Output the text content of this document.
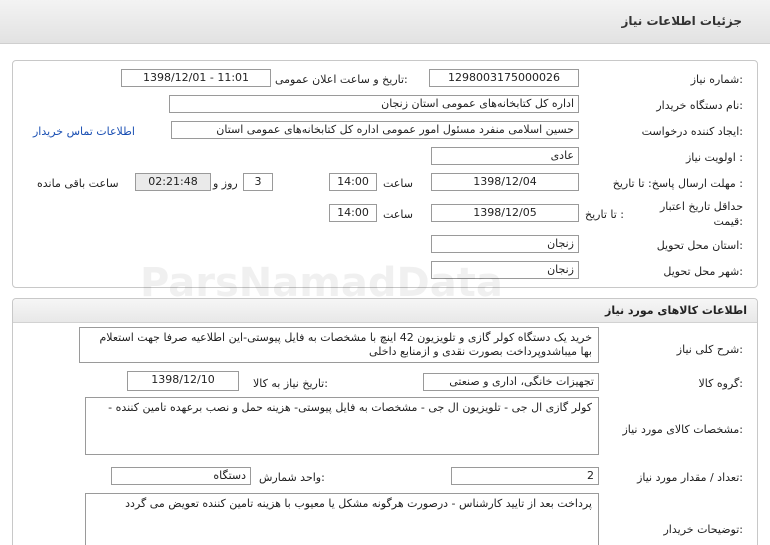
جزئیات اطلاعات نیاز
شماره نیاز:
1298003175000026
تاریخ و ساعت اعلان عمومی:
1398/12/01 - 11:01
نام دستگاه خریدار:
اداره کل کتابخانه‌های عمومی استان زنجان
ایجاد کننده درخواست:
حسین اسلامی منفرد مسئول امور عمومی اداره کل کتابخانه‌های عمومی استان
اطلاعات تماس خریدار
اولویت نیاز :
عادی
مهلت ارسال پاسخ: تا تاریخ :
1398/12/04
ساعت
14:00
3
روز و
02:21:48
ساعت باقی مانده
حداقل تاریخ اعتبار قیمت:
تا تاریخ :
1398/12/05
ساعت
14:00
استان محل تحویل:
زنجان
شهر محل تحویل:
زنجان
اطلاعات کالاهای مورد نیاز
شرح کلی نیاز:
خرید یک دستگاه کولر گازی و تلویزیون 42 اینچ با مشخصات به فایل پیوستی-این اطلاعیه صرفا جهت استعلام بها میباشدوپرداخت بصورت نقدی و ازمنابع داخلی
گروه کالا:
تجهیزات خانگی، اداری و صنعتی
تاریخ نیاز به کالا:
1398/12/10
مشخصات کالای مورد نیاز:
کولر گازی ال جی - تلویزیون ال جی - مشخصات به فایل پیوستی- هزینه حمل و نصب برعهده تامین کننده -
تعداد / مقدار مورد نیاز:
2
واحد شمارش:
دستگاه
توضیحات خریدار:
پرداخت بعد از تایید کارشناس - درصورت هرگونه مشکل یا معیوب با هزینه تامین کننده تعویض می گردد
ParsNamadData
